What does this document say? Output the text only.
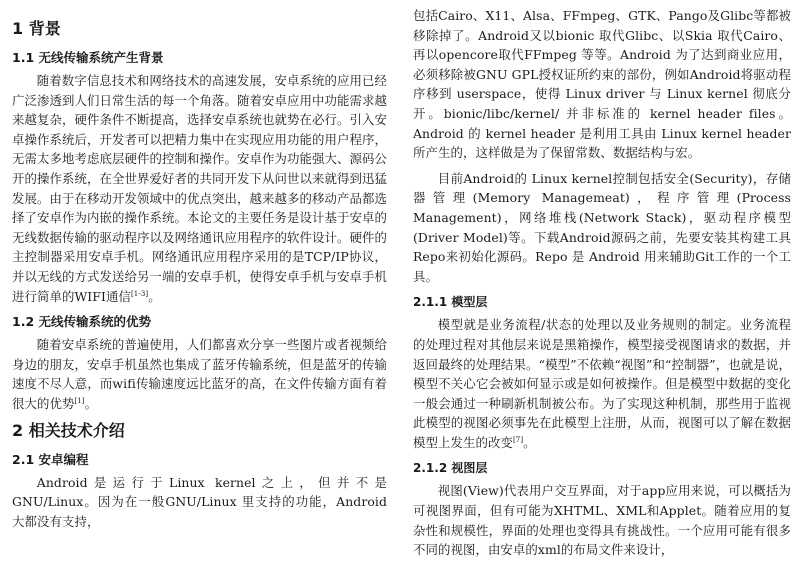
1 背景
1.1 无线传输系统产生背景

随着数字信息技术和网络技术的高速发展，安卓系统的应用已经广泛渗透到人们日常生活的每一个角落。随着安卓应用中功能需求越来越复杂，硬件条件不断提高，选择安卓系统也就势在必行。引入安卓操作系统后，开发者可以把精力集中在实现应用功能的用户程序，无需太多地考虑底层硬件的控制和操作。安卓作为功能强大、源码公开的操作系统，在全世界爱好者的共同开发下从问世以来就得到迅猛发展。由于在移动开发领域中的优点突出，越来越多的移动产品都选择了安卓作为内嵌的操作系统。本论文的主要任务是设计基于安卓的无线数据传输的驱动程序以及网络通讯应用程序的软件设计。硬件的主控制器采用安卓手机。网络通讯应用程序采用的是TCP/IP协议，并以无线的方式发送给另一端的安卓手机，使得安卓手机与安卓手机进行简单的WIFI通信[1-3]。

1.2 无线传输系统的优势

随着安卓系统的普遍使用，人们都喜欢分享一些图片或者视频给身边的朋友，安卓手机虽然也集成了蓝牙传输系统，但是蓝牙的传输速度不尽人意，而wifi传输速度远比蓝牙的高，在文件传输方面有着很大的优势[1]。

2 相关技术介绍
2.1 安卓编程

Android是运行于Linux kernel之上，但并不是GNU/Linux。因为在一般GNU/Linux 里支持的功能，Android 大都没有支持，

包括Cairo、X11、Alsa、FFmpeg、GTK、Pango及Glibc等都被移除掉了。Android又以bionic 取代Glibc、以Skia 取代Cairo、再以opencore取代FFmpeg 等等。Android 为了达到商业应用，必须移除被GNU GPL授权证所约束的部份，例如Android将驱动程序移到 userspace，使得 Linux driver 与 Linux kernel 彻底分开。bionic/libc/kernel/ 并非标准的 kernel header files。Android 的 kernel header 是利用工具由 Linux kernel header 所产生的，这样做是为了保留常数、数据结构与宏。

目前Android的 Linux kernel控制包括安全(Security)，存储器管理(Memory Managemeat)，程序管理(Process Management)，网络堆栈(Network Stack)，驱动程序模型(Driver Model)等。下载Android源码之前，先要安装其构建工具Repo来初始化源码。Repo 是 Android 用来辅助Git工作的一个工具。

2.1.1 模型层

模型就是业务流程/状态的处理以及业务规则的制定。业务流程的处理过程对其他层来说是黑箱操作，模型接受视图请求的数据，并返回最终的处理结果。“模型”不依赖“视图”和“控制器”，也就是说，模型不关心它会被如何显示或是如何被操作。但是模型中数据的变化一般会通过一种刷新机制被公布。为了实现这种机制，那些用于监视此模型的视图必须事先在此模型上注册，从而，视图可以了解在数据模型上发生的改变[7]。

2.1.2 视图层

视图(View)代表用户交互界面，对于app应用来说，可以概括为可视图界面，但有可能为XHTML、XML和Applet。随着应用的复杂性和规模性，界面的处理也变得具有挑战性。一个应用可能有很多不同的视图，由安卓的xml的布局文件来设计，
